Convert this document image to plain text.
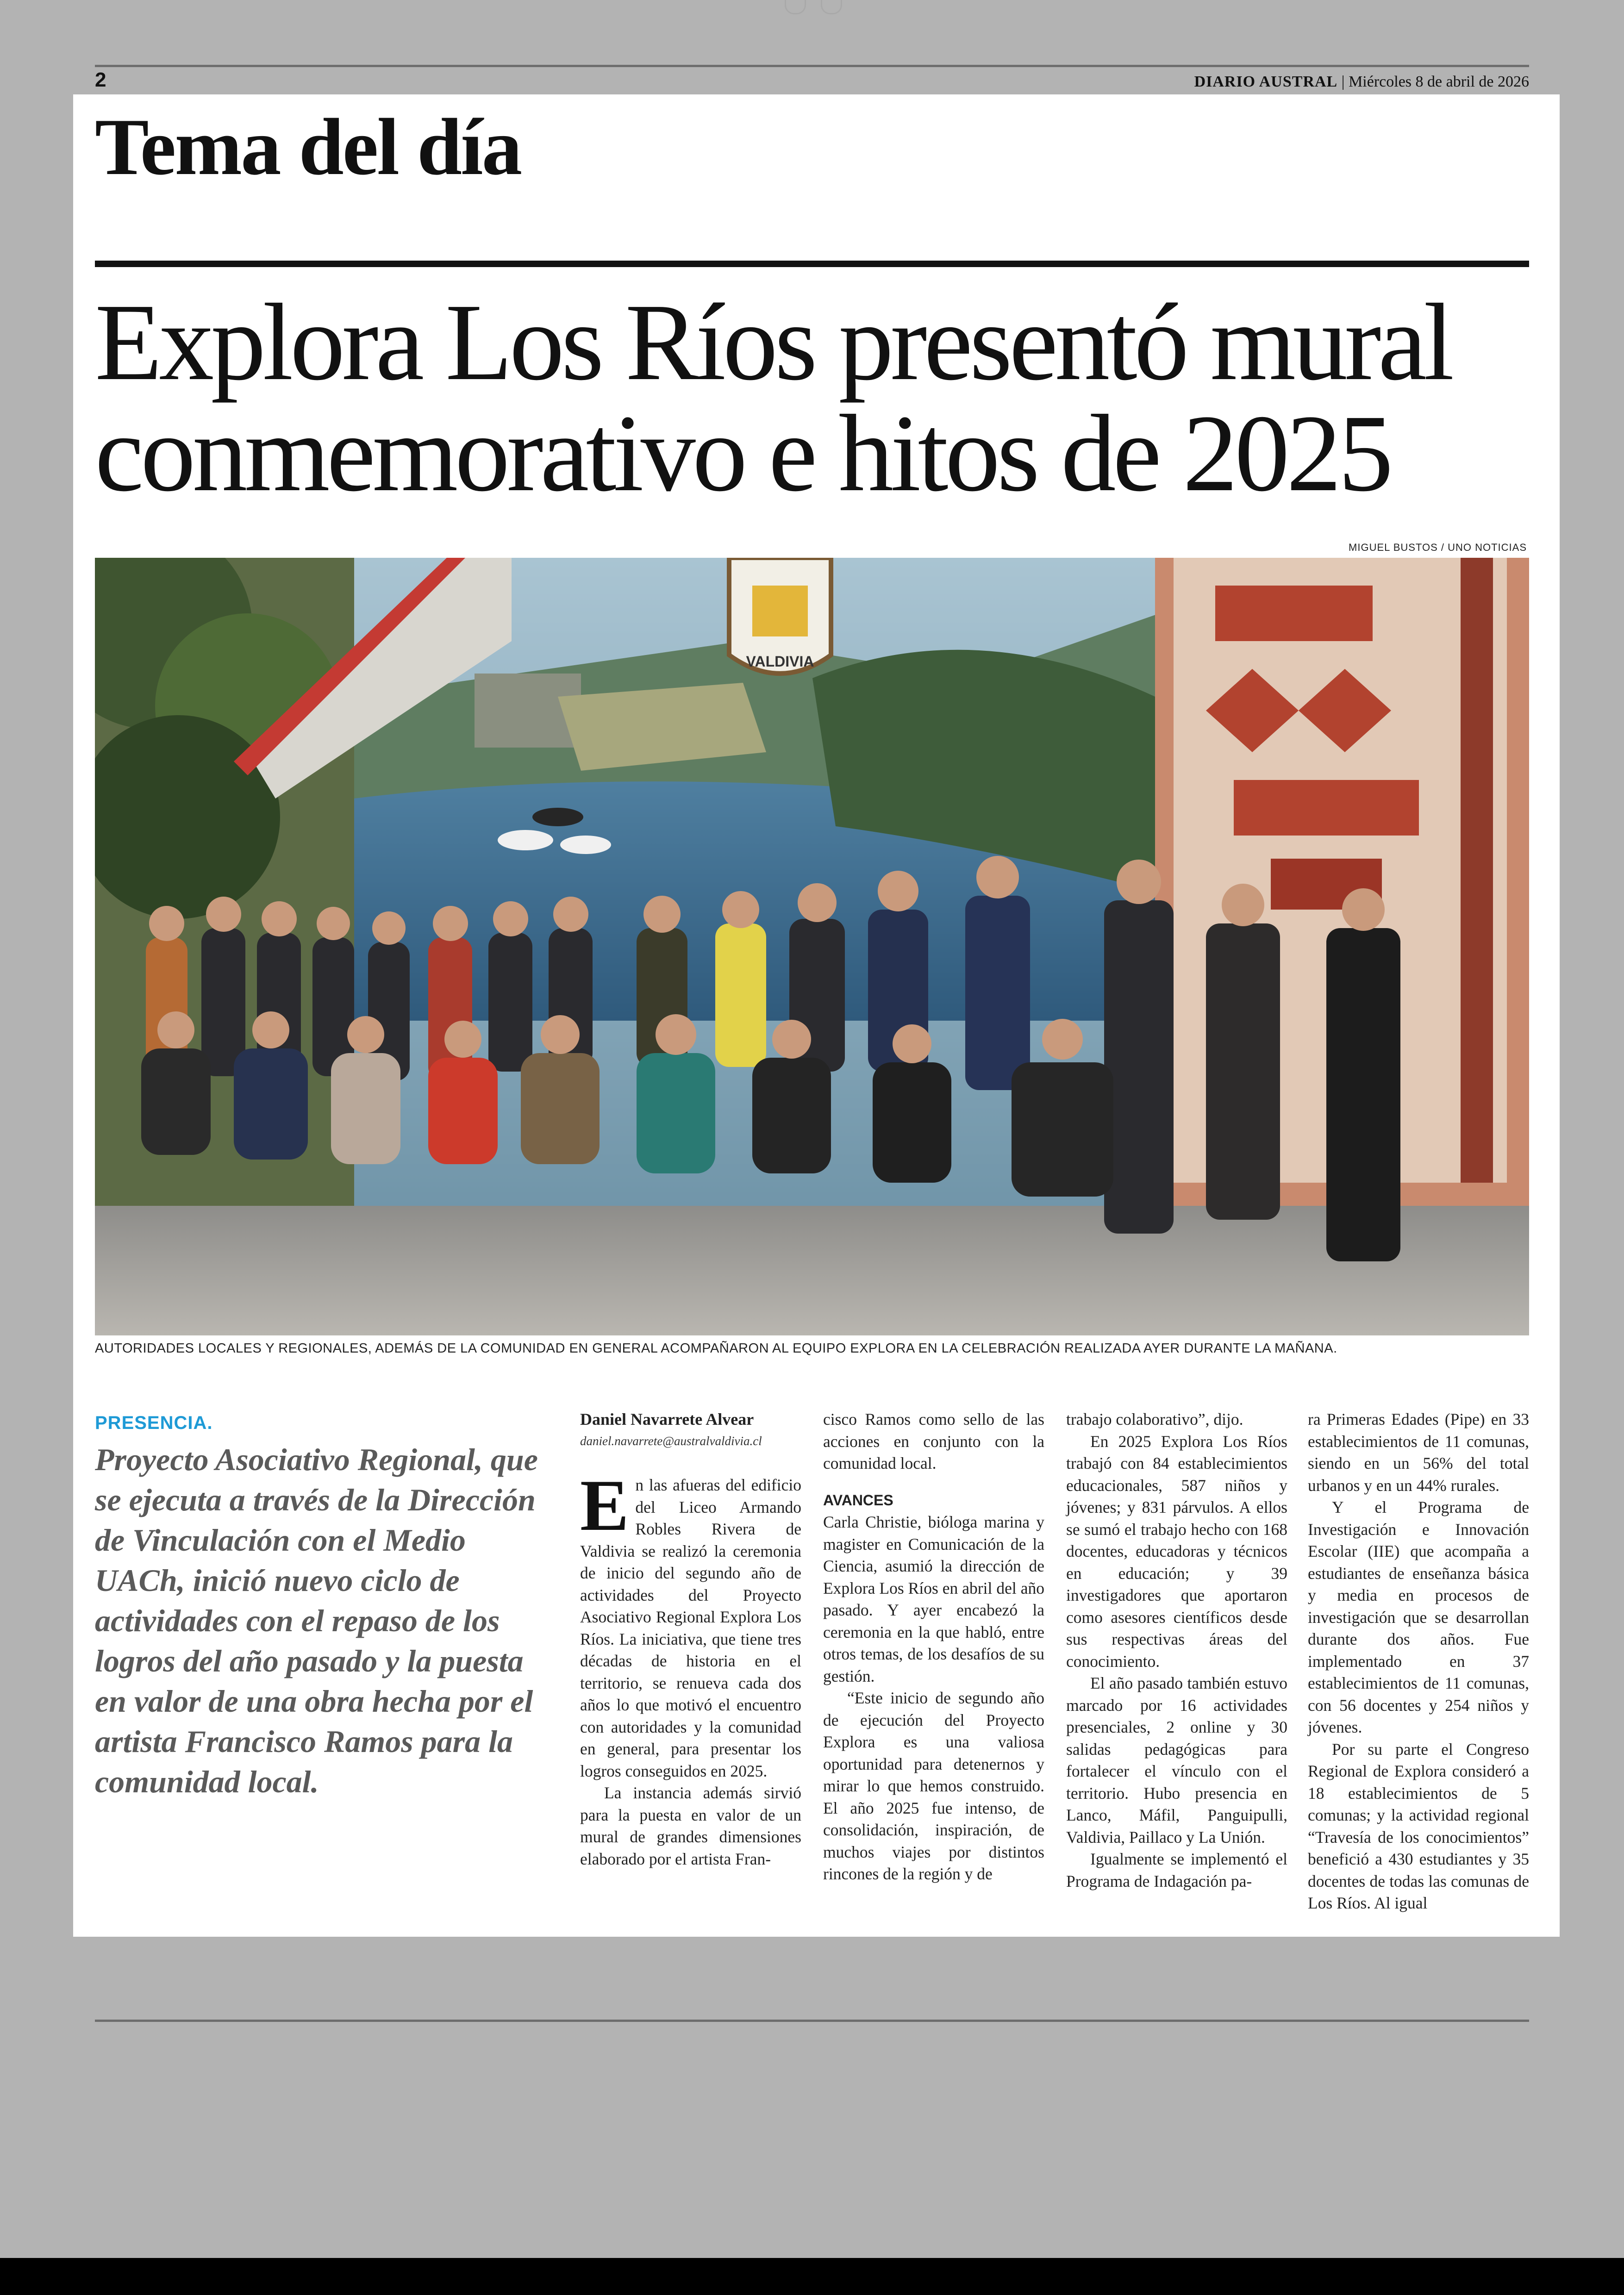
2	DIARIO AUSTRAL | Miércoles 8 de abril de 2026
Tema del día
Explora Los Ríos presentó mural conmemorativo e hitos de 2025
MIGUEL BUSTOS / UNO NOTICIAS
VALDIVIA
AUTORIDADES LOCALES Y REGIONALES, ADEMÁS DE LA COMUNIDAD EN GENERAL ACOMPAÑARON AL EQUIPO EXPLORA EN LA CELEBRACIÓN REALIZADA AYER DURANTE LA MAÑANA.
PRESENCIA.
Proyecto Asociativo Regional, que se ejecuta a través de la Dirección de Vinculación con el Medio UACh, inició nuevo ciclo de actividades con el repaso de los logros del año pasado y la puesta en valor de una obra hecha por el artista Francisco Ramos para la comunidad local.
Daniel Navarrete Alvear
daniel.navarrete@australvaldivia.cl

En las afueras del edificio del Liceo Armando Robles Rivera de Valdivia se realizó la ceremonia de inicio del segundo año de actividades del Proyecto Asociativo Regional Explora Los Ríos. La iniciativa, que tiene tres décadas de historia en el territorio, se renueva cada dos años lo que motivó el encuentro con autoridades y la comunidad en general, para presentar los logros conseguidos en 2025.

La instancia además sirvió para la puesta en valor de un mural de grandes dimensiones elaborado por el artista Fran-

cisco Ramos como sello de las acciones en conjunto con la comunidad local.

AVANCES

Carla Christie, bióloga marina y magister en Comunicación de la Ciencia, asumió la dirección de Explora Los Ríos en abril del año pasado. Y ayer encabezó la ceremonia en la que habló, entre otros temas, de los desafíos de su gestión.

“Este inicio de segundo año de ejecución del Proyecto Explora es una valiosa oportunidad para detenernos y mirar lo que hemos construido. El año 2025 fue intenso, de consolidación, inspiración, de muchos viajes por distintos rincones de la región y de

trabajo colaborativo”, dijo.

En 2025 Explora Los Ríos trabajó con 84 establecimientos educacionales, 587 niños y jóvenes; y 831 párvulos. A ellos se sumó el trabajo hecho con 168 docentes, educadoras y técnicos en educación; y 39 investigadores que aportaron como asesores científicos desde sus respectivas áreas del conocimiento.

El año pasado también estuvo marcado por 16 actividades presenciales, 2 online y 30 salidas pedagógicas para fortalecer el vínculo con el territorio. Hubo presencia en Lanco, Máfil, Panguipulli, Valdivia, Paillaco y La Unión.

Igualmente se implementó el Programa de Indagación pa-

ra Primeras Edades (Pipe) en 33 establecimientos de 11 comunas, siendo en un 56% del total urbanos y en un 44% rurales.

Y el Programa de Investigación e Innovación Escolar (IIE) que acompaña a estudiantes de enseñanza básica y media en procesos de investigación que se desarrollan durante dos años. Fue implementado en 37 establecimientos de 11 comunas, con 56 docentes y 254 niños y jóvenes.

Por su parte el Congreso Regional de Explora consideró a 18 establecimientos de 5 comunas; y la actividad regional “Travesía de los conocimientos” benefició a 430 estudiantes y 35 docentes de todas las comunas de Los Ríos. Al igual
